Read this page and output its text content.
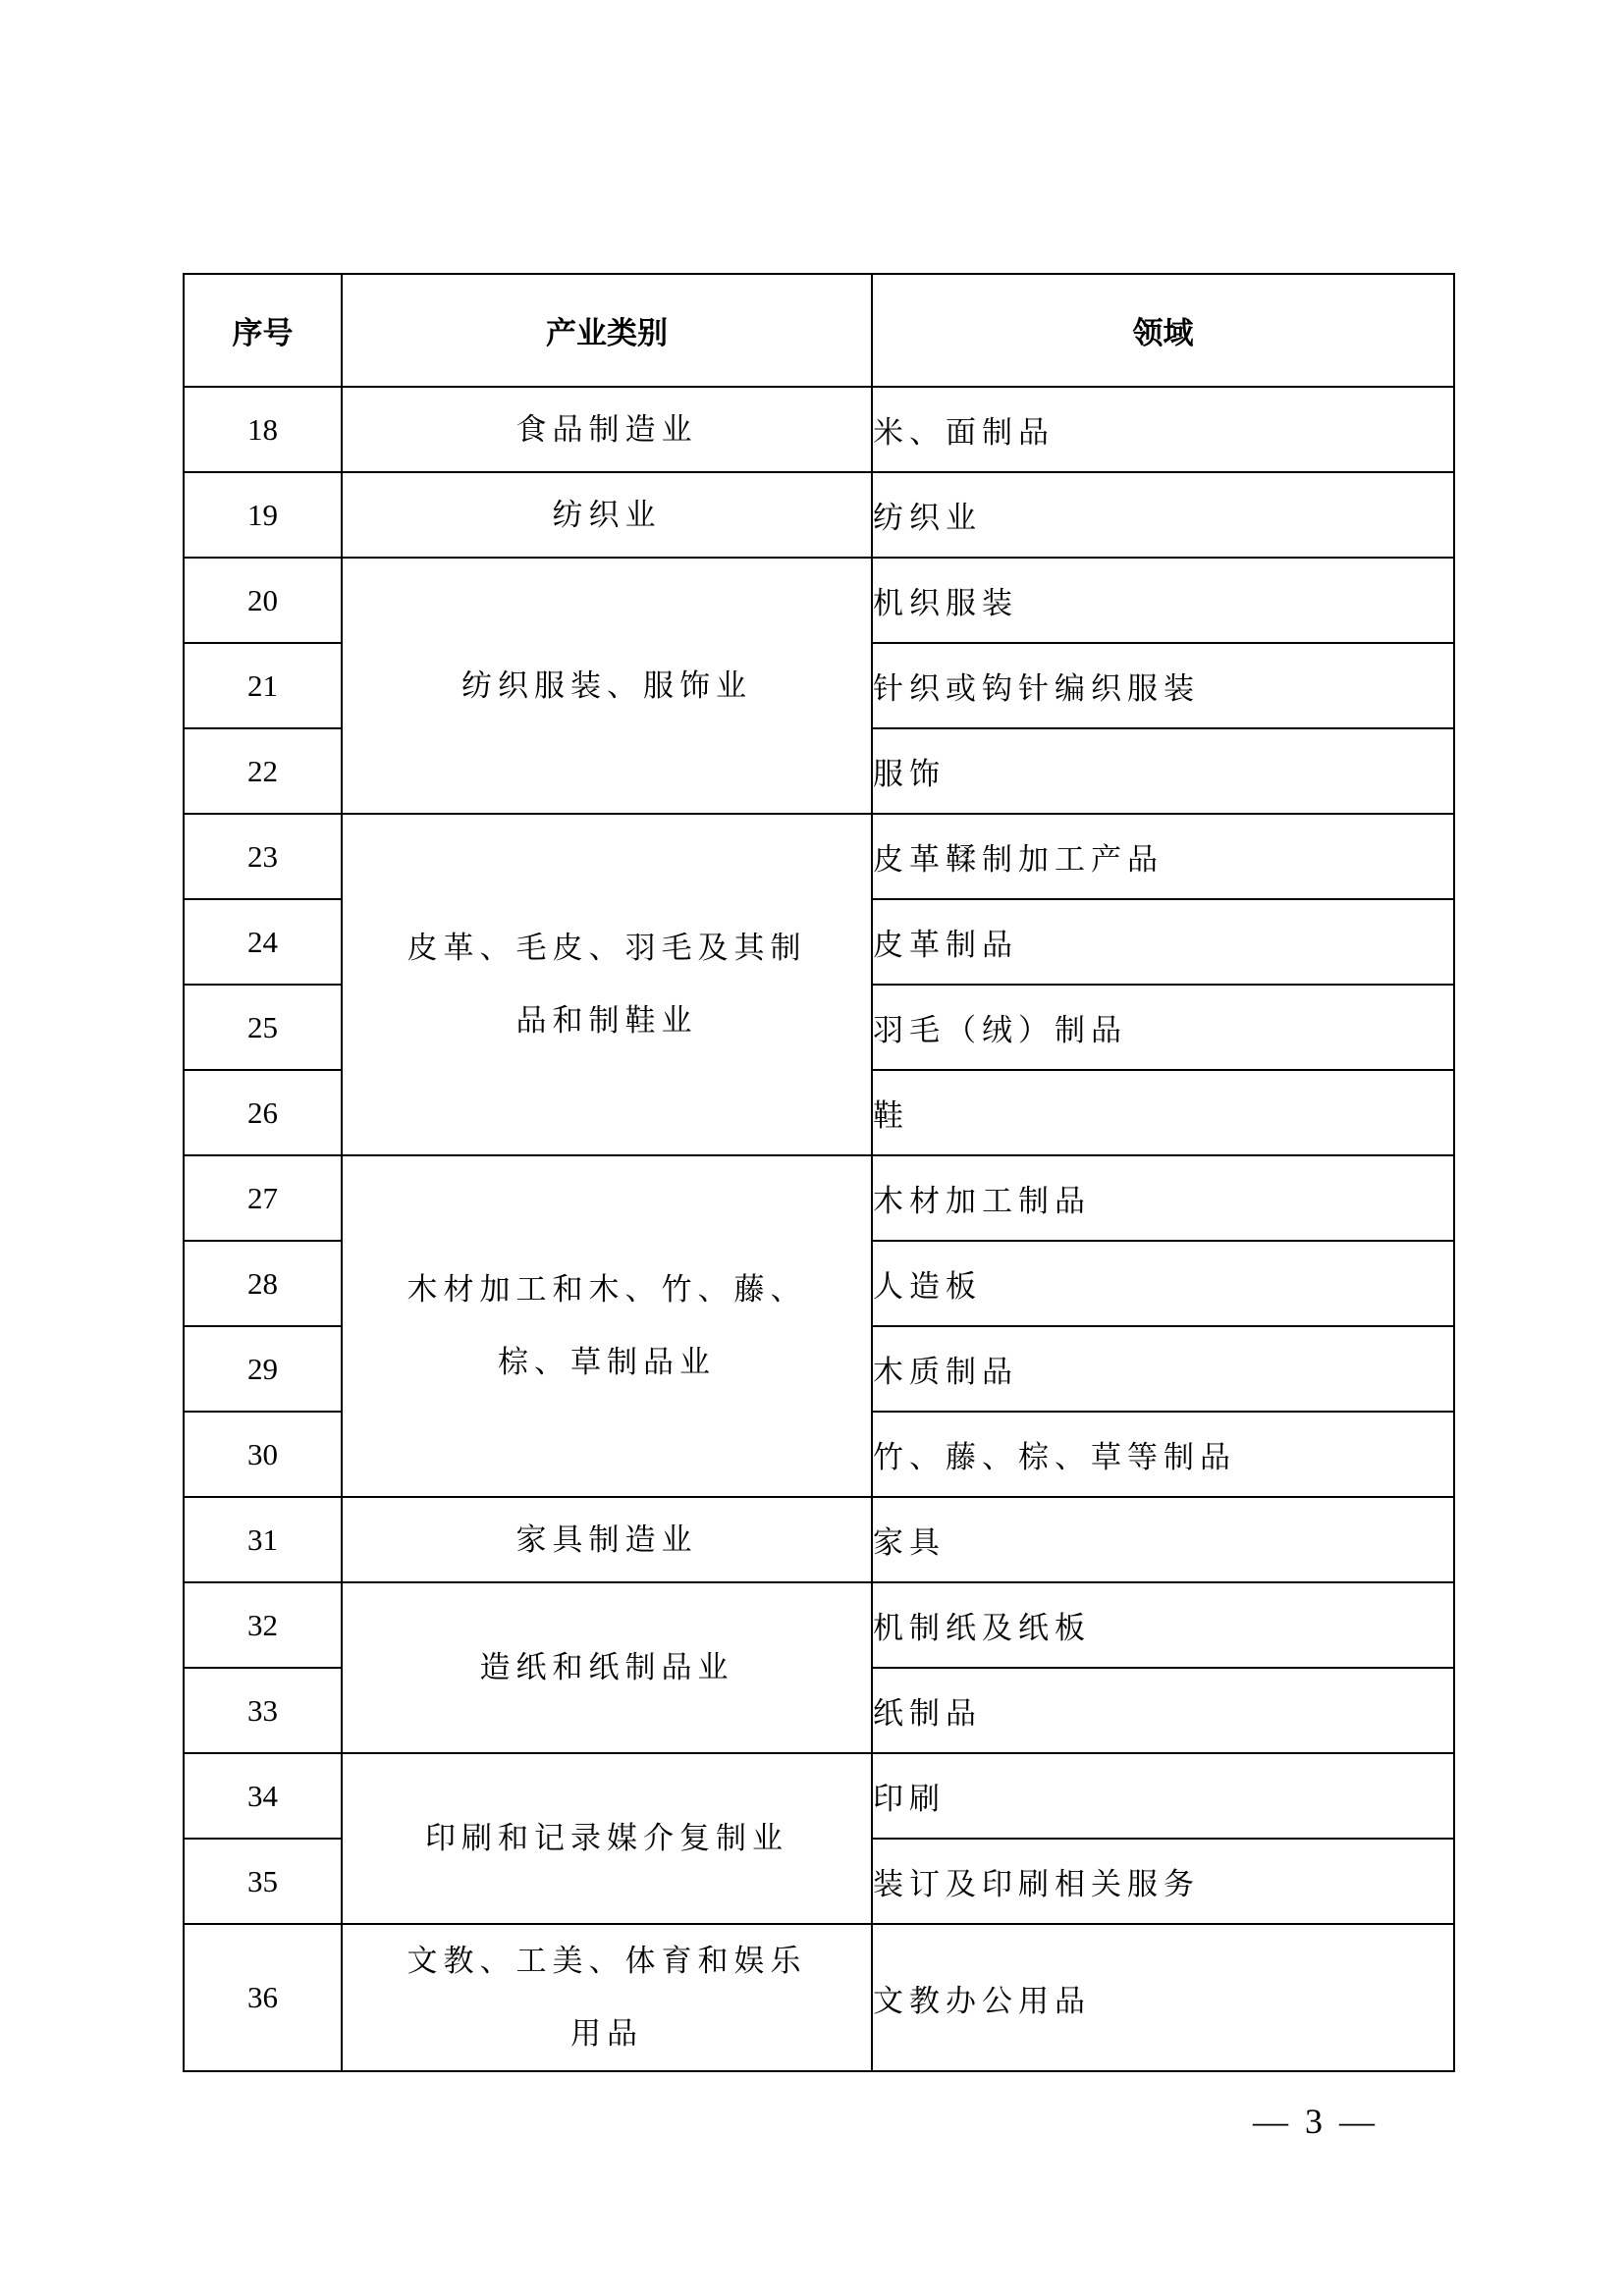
序号	产业类别	领域
18	食品制造业	米、面制品
19	纺织业	纺织业
20	纺织服装、服饰业	机织服装
21		针织或钩针编织服装
22		服饰
23	皮革、毛皮、羽毛及其制品和制鞋业	皮革鞣制加工产品
24		皮革制品
25		羽毛（绒）制品
26		鞋
27	木材加工和木、竹、藤、棕、草制品业	木材加工制品
28		人造板
29		木质制品
30		竹、藤、棕、草等制品
31	家具制造业	家具
32	造纸和纸制品业	机制纸及纸板
33		纸制品
34	印刷和记录媒介复制业	印刷
35		装订及印刷相关服务
36	文教、工美、体育和娱乐用品	文教办公用品
— 3 —
